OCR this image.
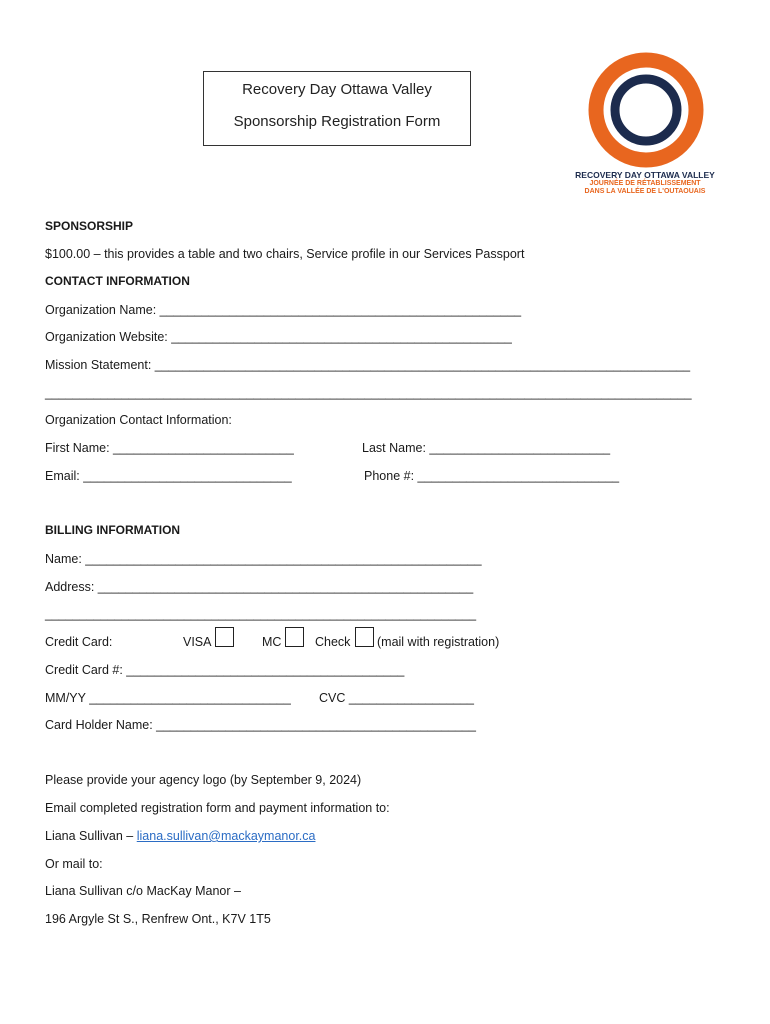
Recovery Day Ottawa Valley
Sponsorship Registration Form
RECOVERY DAY OTTAWA VALLEY
JOURNÉE DE RÉTABLISSEMENT
DANS LA VALLÉE DE L'OUTAOUAIS
SPONSORSHIP
$100.00 – this provides a table and two chairs, Service profile in our Services Passport
CONTACT INFORMATION
Organization Name: ____________________________________________________
Organization Website: _________________________________________________
Mission Statement: _____________________________________________________________________________
_____________________________________________________________________________________________
Organization Contact Information:
First Name: __________________________	Last Name: __________________________
Email: ______________________________	Phone #: _____________________________
BILLING INFORMATION
Name: _________________________________________________________
Address: ______________________________________________________
______________________________________________________________
Credit Card:	VISA	MC	Check (mail with registration)
Credit Card #: ________________________________________
MM/YY _____________________________ CVC __________________
Card Holder Name: ______________________________________________
Please provide your agency logo (by September 9, 2024)
Email completed registration form and payment information to:
Liana Sullivan – liana.sullivan@mackaymanor.ca
Or mail to:
Liana Sullivan c/o MacKay Manor –
196 Argyle St S., Renfrew Ont., K7V 1T5
